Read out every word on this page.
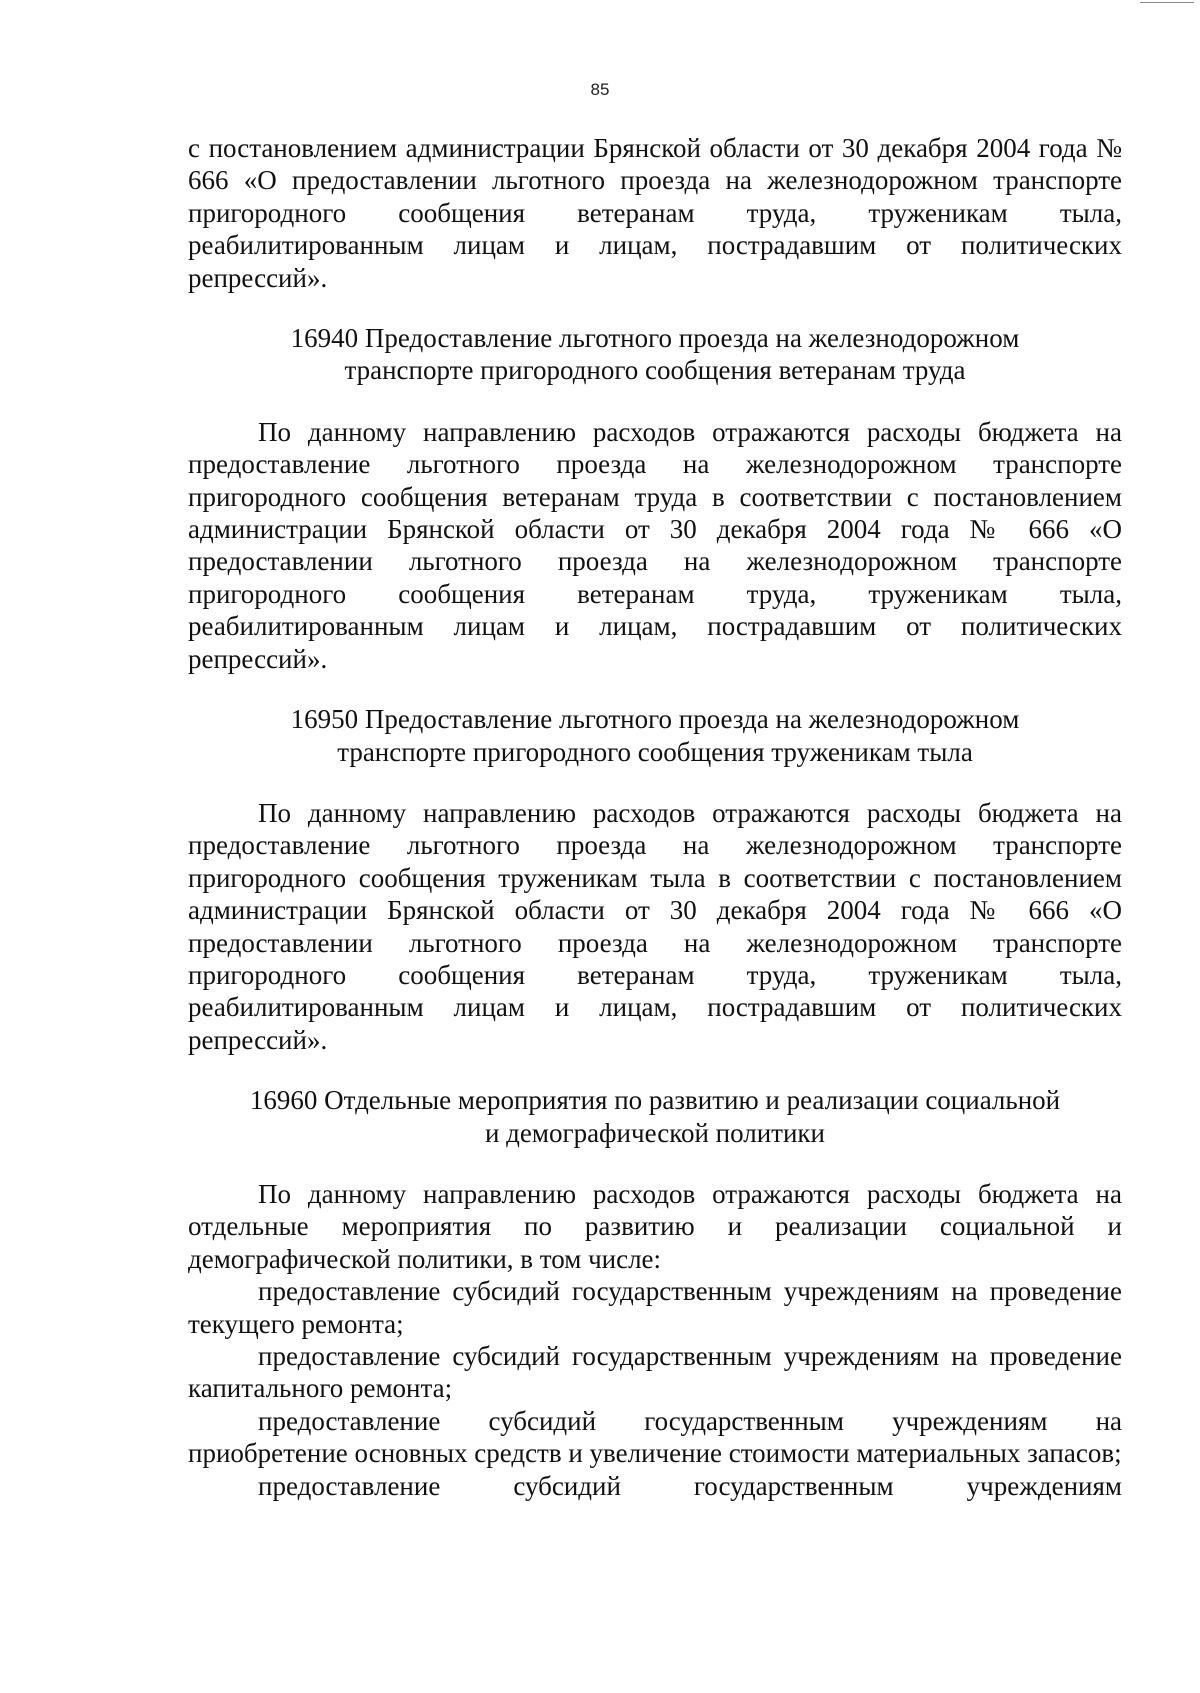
85

с постановлением администрации Брянской области от 30 декабря 2004 года № 666 «О предоставлении льготного проезда на железнодорожном транспорте пригородного сообщения ветеранам труда, труженикам тыла, реабилитированным лицам и лицам, пострадавшим от политических репрессий».

16940 Предоставление льготного проезда на железнодорожном
транспорте пригородного сообщения ветеранам труда

По данному направлению расходов отражаются расходы бюджета на предоставление льготного проезда на железнодорожном транспорте пригородного сообщения ветеранам труда в соответствии с постановлением администрации Брянской области от 30 декабря 2004 года № 666 «О предоставлении льготного проезда на железнодорожном транспорте пригородного сообщения ветеранам труда, труженикам тыла, реабилитированным лицам и лицам, пострадавшим от политических репрессий».

16950 Предоставление льготного проезда на железнодорожном
транспорте пригородного сообщения труженикам тыла

По данному направлению расходов отражаются расходы бюджета на предоставление льготного проезда на железнодорожном транспорте пригородного сообщения труженикам тыла в соответствии с постановлением администрации Брянской области от 30 декабря 2004 года № 666 «О предоставлении льготного проезда на железнодорожном транспорте пригородного сообщения ветеранам труда, труженикам тыла, реабилитированным лицам и лицам, пострадавшим от политических репрессий».

16960 Отдельные мероприятия по развитию и реализации социальной
и демографической политики

По данному направлению расходов отражаются расходы бюджета на отдельные мероприятия по развитию и реализации социальной и демографической политики, в том числе:

предоставление субсидий государственным учреждениям на проведение текущего ремонта;

предоставление субсидий государственным учреждениям на проведение капитального ремонта;

предоставление субсидий государственным учреждениям на приобретение основных средств и увеличение стоимости материальных запасов;

предоставление	субсидий	государственным	учреждениям
